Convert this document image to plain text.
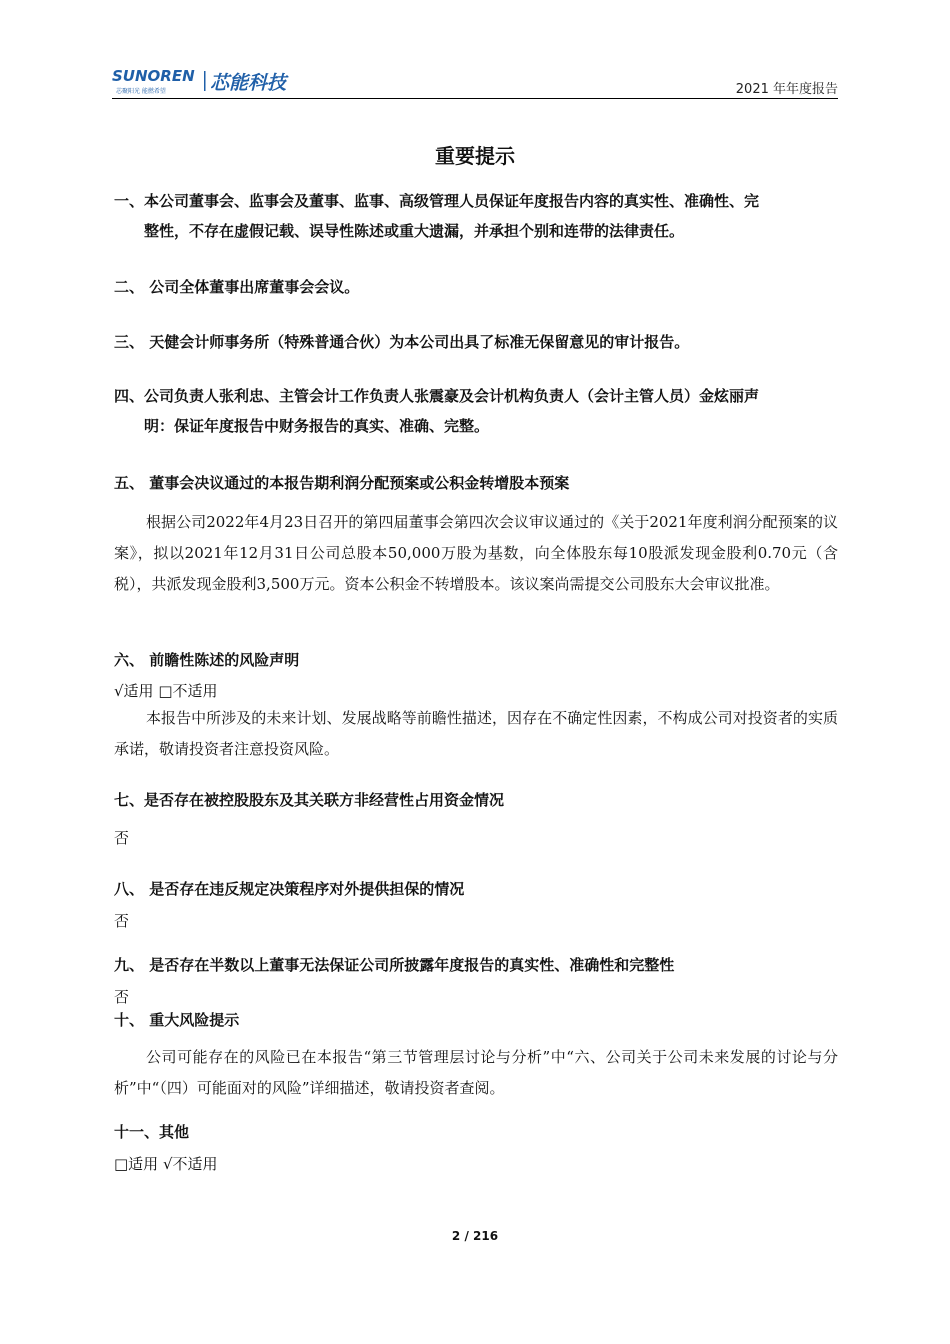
SUNOREN
芯聚阳光 能燃希望 芯能科技	2021 年年度报告
重要提示
一、本公司董事会、监事会及董事、监事、高级管理人员保证年度报告内容的真实性、准确性、完
整性，不存在虚假记载、误导性陈述或重大遗漏，并承担个别和连带的法律责任。
二、 公司全体董事出席董事会会议。
三、 天健会计师事务所（特殊普通合伙）为本公司出具了标准无保留意见的审计报告。
四、公司负责人张利忠、主管会计工作负责人张震豪及会计机构负责人（会计主管人员）金炫丽声
明：保证年度报告中财务报告的真实、准确、完整。
五、 董事会决议通过的本报告期利润分配预案或公积金转增股本预案
根据公司2022年4月23日召开的第四届董事会第四次会议审议通过的《关于2021年度利润分配预案的议案》，拟以2021年12月31日公司总股本50,000万股为基数，向全体股东每10股派发现金股利0.70元（含税），共派发现金股利3,500万元。资本公积金不转增股本。该议案尚需提交公司股东大会审议批准。
六、 前瞻性陈述的风险声明
√适用 □不适用
本报告中所涉及的未来计划、发展战略等前瞻性描述，因存在不确定性因素，不构成公司对投资者的实质承诺，敬请投资者注意投资风险。
七、是否存在被控股股东及其关联方非经营性占用资金情况
否
八、 是否存在违反规定决策程序对外提供担保的情况
否
九、 是否存在半数以上董事无法保证公司所披露年度报告的真实性、准确性和完整性
否
十、 重大风险提示
公司可能存在的风险已在本报告“第三节管理层讨论与分析”中“六、公司关于公司未来发展的讨论与分析”中“（四）可能面对的风险”详细描述，敬请投资者查阅。
十一、其他
□适用 √不适用
2 / 216
